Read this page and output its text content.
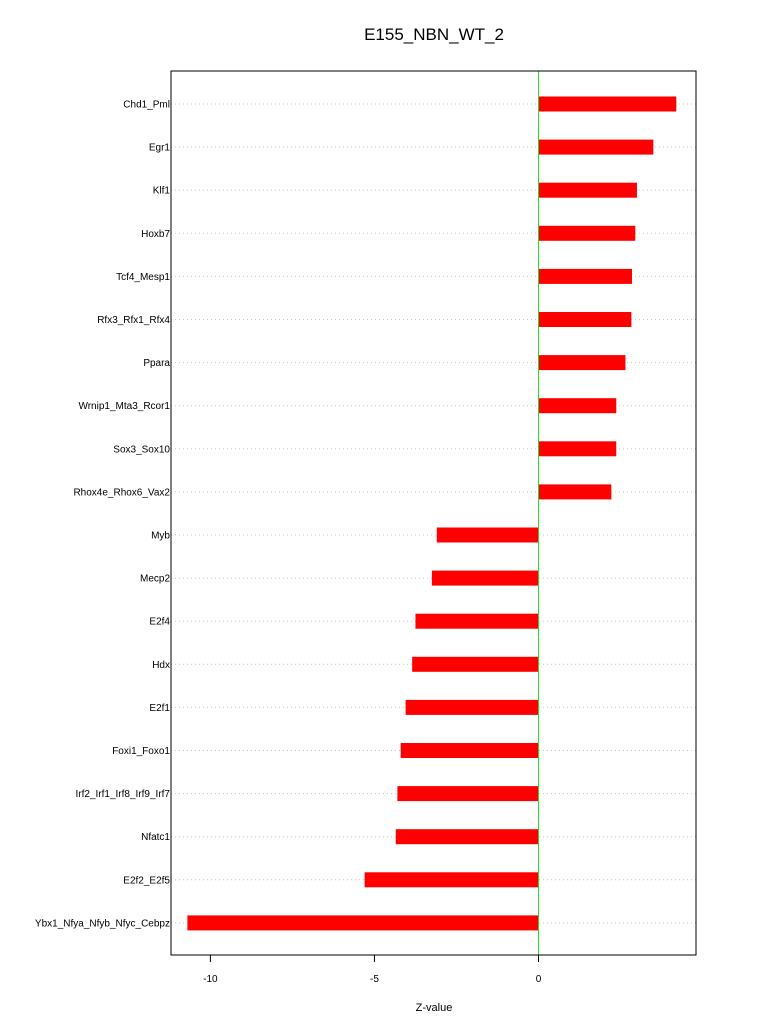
E155_NBN_WT_2
Chd1_Pml
Egr1
Klf1
Hoxb7
Tcf4_Mesp1
Rfx3_Rfx1_Rfx4
Ppara
Wrnip1_Mta3_Rcor1
Sox3_Sox10
Rhox4e_Rhox6_Vax2
Myb
Mecp2
E2f4
Hdx
E2f1
Foxi1_Foxo1
Irf2_Irf1_Irf8_Irf9_Irf7
Nfatc1
E2f2_E2f5
Ybx1_Nfya_Nfyb_Nfyc_Cebpz
-10	-5	0
Z-value
